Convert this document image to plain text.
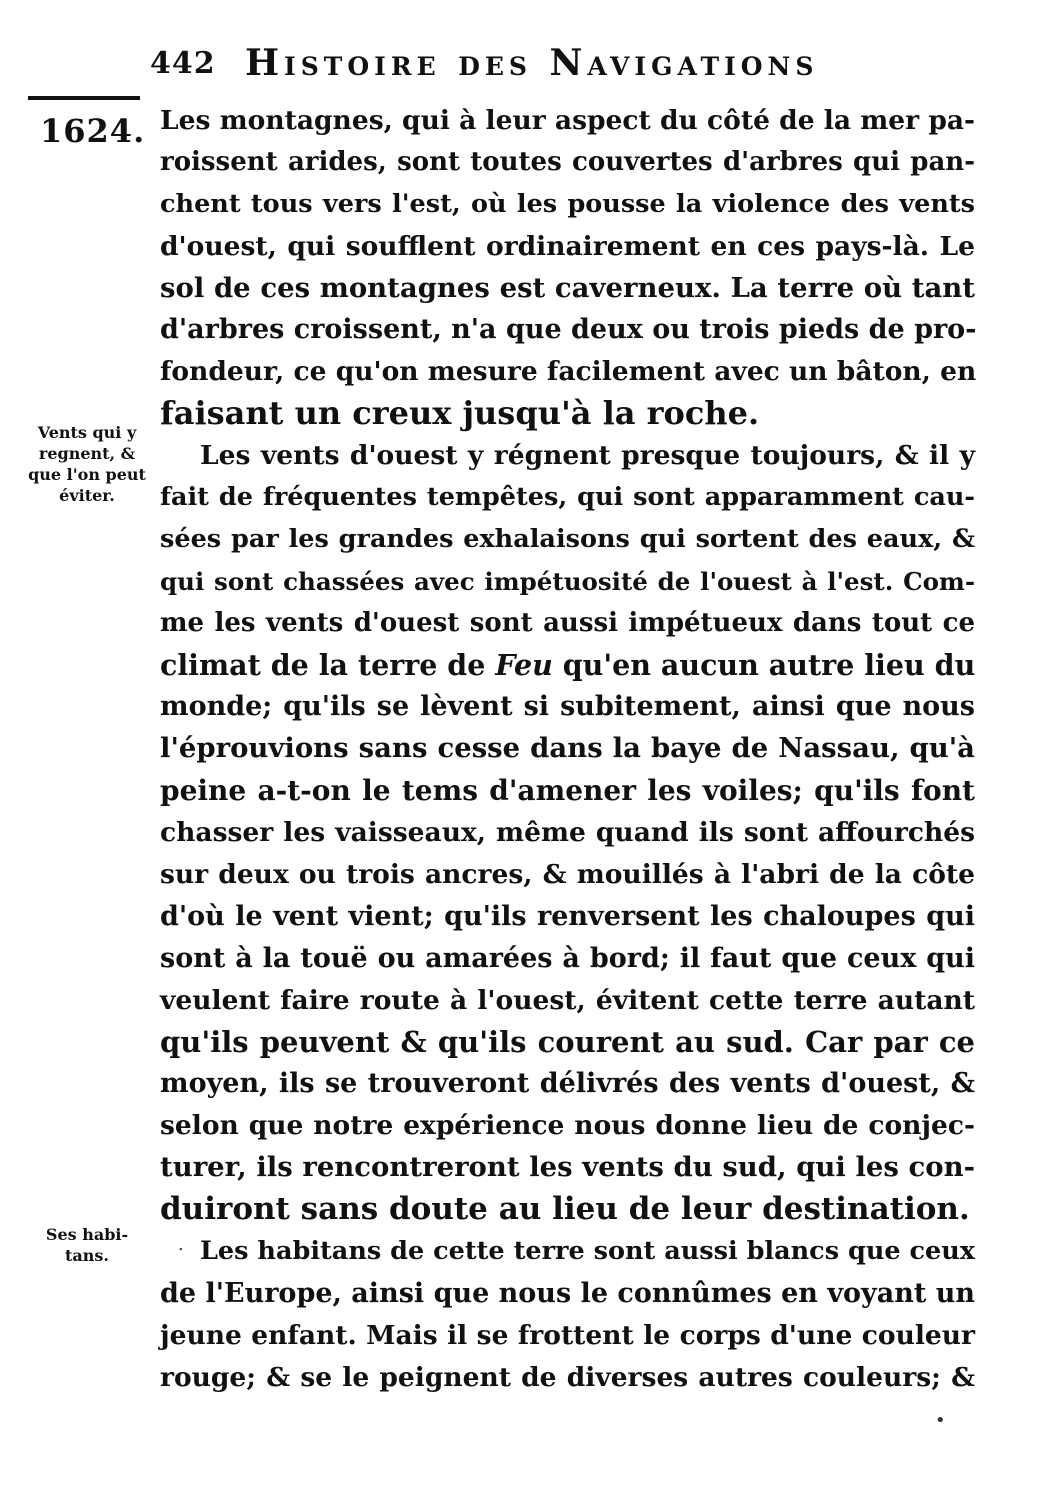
442 Histoire des Navigations
1624.
Vents qui y
regnent, &
que l'on peut
éviter.
Ses habi-
tans.
Les montagnes, qui à leur aspect du côté de la mer pa-
roissent arides, sont toutes couvertes d'arbres qui pan-
chent tous vers l'est, où les pousse la violence des vents
d'ouest, qui soufflent ordinairement en ces pays-là. Le
sol de ces montagnes est caverneux. La terre où tant
d'arbres croissent, n'a que deux ou trois pieds de pro-
fondeur, ce qu'on mesure facilement avec un bâton, en
faisant un creux jusqu'à la roche.
Les vents d'ouest y régnent presque toujours, & il y
fait de fréquentes tempêtes, qui sont apparamment cau-
sées par les grandes exhalaisons qui sortent des eaux, &
qui sont chassées avec impétuosité de l'ouest à l'est. Com-
me les vents d'ouest sont aussi impétueux dans tout ce
climat de la terre de Feu qu'en aucun autre lieu du
monde; qu'ils se lèvent si subitement, ainsi que nous
l'éprouvions sans cesse dans la baye de Nassau, qu'à
peine a-t-on le tems d'amener les voiles; qu'ils font
chasser les vaisseaux, même quand ils sont affourchés
sur deux ou trois ancres, & mouillés à l'abri de la côte
d'où le vent vient; qu'ils renversent les chaloupes qui
sont à la touë ou amarées à bord; il faut que ceux qui
veulent faire route à l'ouest, évitent cette terre autant
qu'ils peuvent & qu'ils courent au sud. Car par ce
moyen, ils se trouveront délivrés des vents d'ouest, &
selon que notre expérience nous donne lieu de conjec-
turer, ils rencontreront les vents du sud, qui les con-
duiront sans doute au lieu de leur destination.
Les habitans de cette terre sont aussi blancs que ceux
de l'Europe, ainsi que nous le connûmes en voyant un
jeune enfant. Mais il se frottent le corps d'une couleur
rouge; & se le peignent de diverses autres couleurs; &
.
•
